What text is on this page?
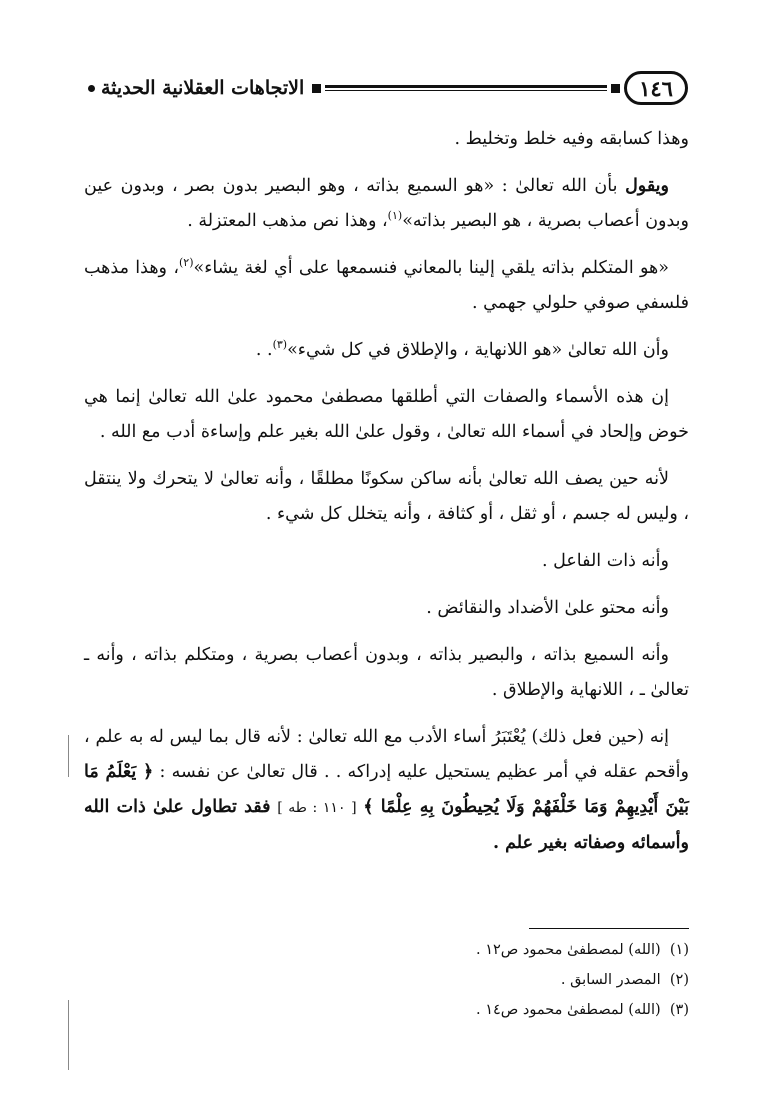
١٤٦
الاتجاهات العقلانية الحديثة

وهذا كسابقه وفيه خلط وتخليط .

ويقول بأن الله تعالىٰ : «هو السميع بذاته ، وهو البصير بدون بصر ، وبدون عين وبدون أعصاب بصرية ، هو البصير بذاته»$^{(١)}$، وهذا نص مذهب المعتزلة .

«هو المتكلم بذاته يلقي إلينا بالمعاني فنسمعها على أي لغة يشاء»$^{(٢)}$، وهذا مذهب فلسفي صوفي حلولي جهمي .

وأن الله تعالىٰ «هو اللانهاية ، والإطلاق في كل شيء»$^{(٣)}$. .

إن هذه الأسماء والصفات التي أطلقها مصطفىٰ محمود علىٰ الله تعالىٰ إنما هي خوض وإلحاد في أسماء الله تعالىٰ ، وقول علىٰ الله بغير علم وإساءة أدب مع الله .

لأنه حين يصف الله تعالىٰ بأنه ساكن سكونًا مطلقًا ، وأنه تعالىٰ لا يتحرك ولا ينتقل ، وليس له جسم ، أو ثقل ، أو كثافة ، وأنه يتخلل كل شيء .

وأنه ذات الفاعل .

وأنه محتو علىٰ الأضداد والنقائض .

وأنه السميع بذاته ، والبصير بذاته ، وبدون أعصاب بصرية ، ومتكلم بذاته ، وأنه ـ تعالىٰ ـ ، اللانهاية والإطلاق .

إنه (حين فعل ذلك) يُعْتَبَرُ أساء الأدب مع الله تعالىٰ : لأنه قال بما ليس له به علم ، وأقحم عقله في أمر عظيم يستحيل عليه إدراكه . . قال تعالىٰ عن نفسه : ﴿ يَعْلَمُ مَا بَيْنَ أَيْدِيهِمْ وَمَا خَلْفَهُمْ وَلَا يُحِيطُونَ بِهِ عِلْمًا ﴾ [ ١١٠ : طه ] فقد تطاول علىٰ ذات الله وأسمائه وصفاته بغير علم .

(١)  (الله) لمصطفىٰ محمود ص١٢ .

(٢)  المصدر السابق .

(٣)  (الله) لمصطفىٰ محمود ص١٤ .
